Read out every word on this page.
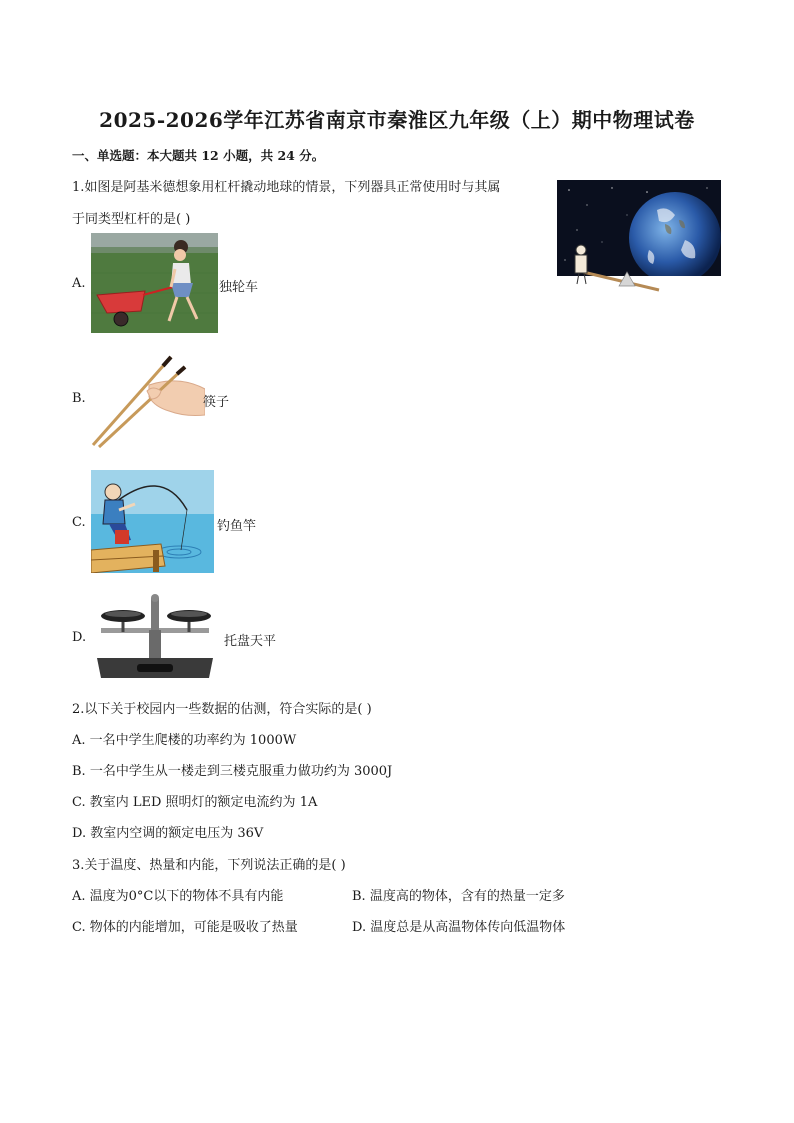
2025-2026学年江苏省南京市秦淮区九年级（上）期中物理试卷
一、单选题：本大题共 12 小题，共 24 分。
1.如图是阿基米德想象用杠杆撬动地球的情景，下列器具正常使用时与其属
于同类型杠杆的是( )
A.	独轮车
B.	筷子
C.	钓鱼竿
D.	托盘天平
2.以下关于校园内一些数据的估测，符合实际的是( )
A. 一名中学生爬楼的功率约为 1000W
B. 一名中学生从一楼走到三楼克服重力做功约为 3000J
C. 教室内 LED 照明灯的额定电流约为 1A
D. 教室内空调的额定电压为 36V
3.关于温度、热量和内能，下列说法正确的是( )
A. 温度为0°C以下的物体不具有内能	B. 温度高的物体，含有的热量一定多
C. 物体的内能增加，可能是吸收了热量	D. 温度总是从高温物体传向低温物体
